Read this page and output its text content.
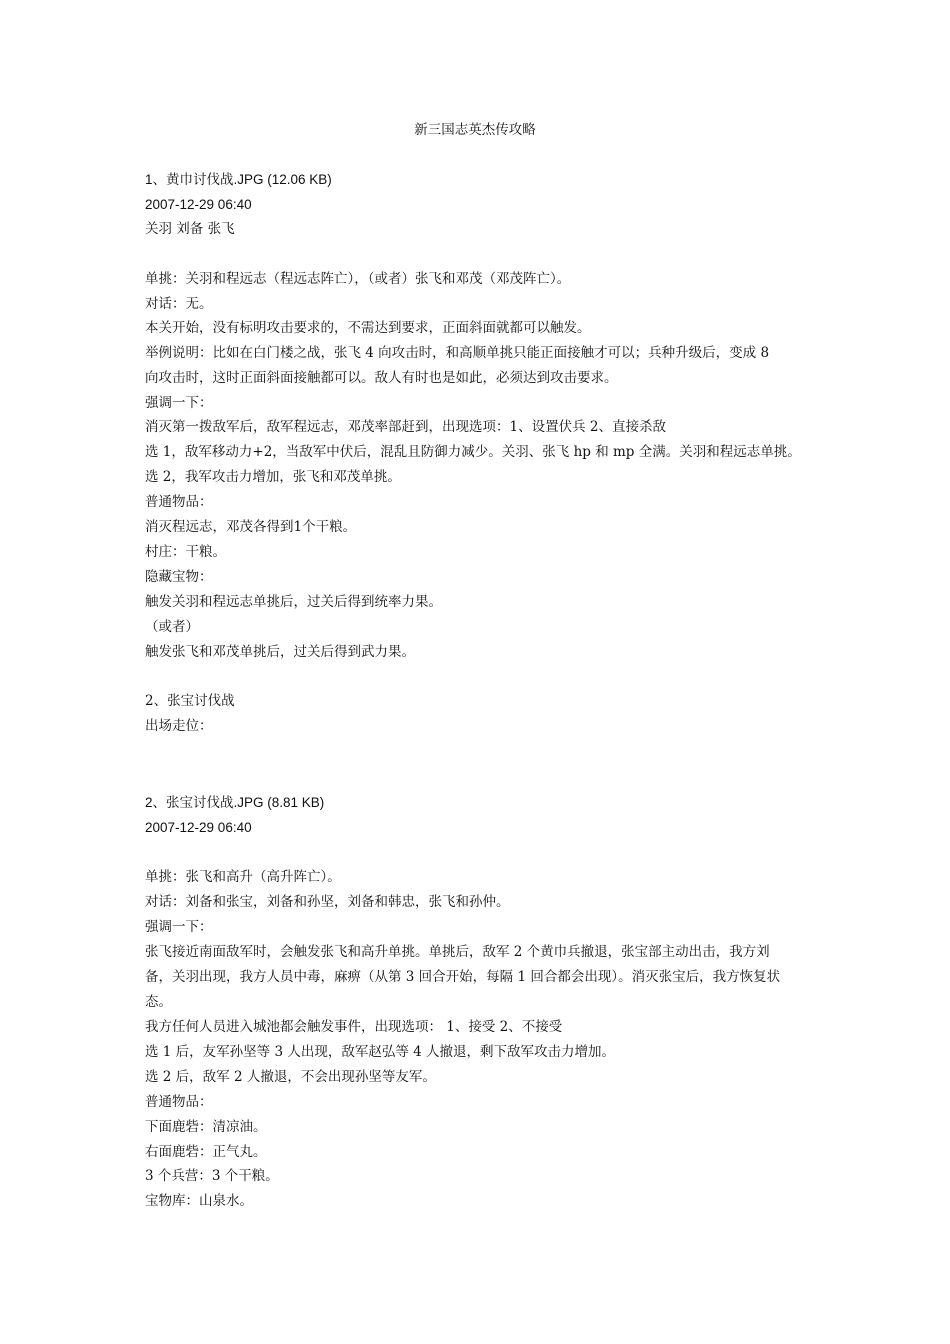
新三国志英杰传攻略
1、黄巾讨伐战.JPG (12.06 KB)
2007-12-29 06:40
关羽 刘备 张飞
单挑：关羽和程远志（程远志阵亡），（或者）张飞和邓茂（邓茂阵亡）。
对话：无。
本关开始，没有标明攻击要求的，不需达到要求，正面斜面就都可以触发。
举例说明：比如在白门楼之战，张飞 4 向攻击时，和高顺单挑只能正面接触才可以；兵种升级后，变成 8
向攻击时，这时正面斜面接触都可以。敌人有时也是如此，必须达到攻击要求。
强调一下：
消灭第一拨敌军后，敌军程远志，邓茂率部赶到，出现选项：1、设置伏兵 2、直接杀敌
选 1，敌军移动力+2，当敌军中伏后，混乱且防御力减少。关羽、张飞 hp 和 mp 全满。关羽和程远志单挑。
选 2，我军攻击力增加，张飞和邓茂单挑。
普通物品：
消灭程远志，邓茂各得到1个干粮。
村庄：干粮。
隐藏宝物：
触发关羽和程远志单挑后，过关后得到统率力果。
（或者）
触发张飞和邓茂单挑后，过关后得到武力果。
2、张宝讨伐战
出场走位：
2、张宝讨伐战.JPG (8.81 KB)
2007-12-29 06:40
单挑：张飞和高升（高升阵亡）。
对话：刘备和张宝，刘备和孙坚，刘备和韩忠，张飞和孙仲。
强调一下：
张飞接近南面敌军时，会触发张飞和高升单挑。单挑后，敌军 2 个黄巾兵撤退，张宝部主动出击，我方刘
备，关羽出现，我方人员中毒，麻痹（从第 3 回合开始，每隔 1 回合都会出现）。消灭张宝后，我方恢复状
态。
我方任何人员进入城池都会触发事件，出现选项： 1、接受 2、不接受
选 1 后，友军孙坚等 3 人出现，敌军赵弘等 4 人撤退，剩下敌军攻击力增加。
选 2 后，敌军 2 人撤退，不会出现孙坚等友军。
普通物品：
下面鹿砦：清凉油。
右面鹿砦：正气丸。
3 个兵营：3 个干粮。
宝物库：山泉水。
